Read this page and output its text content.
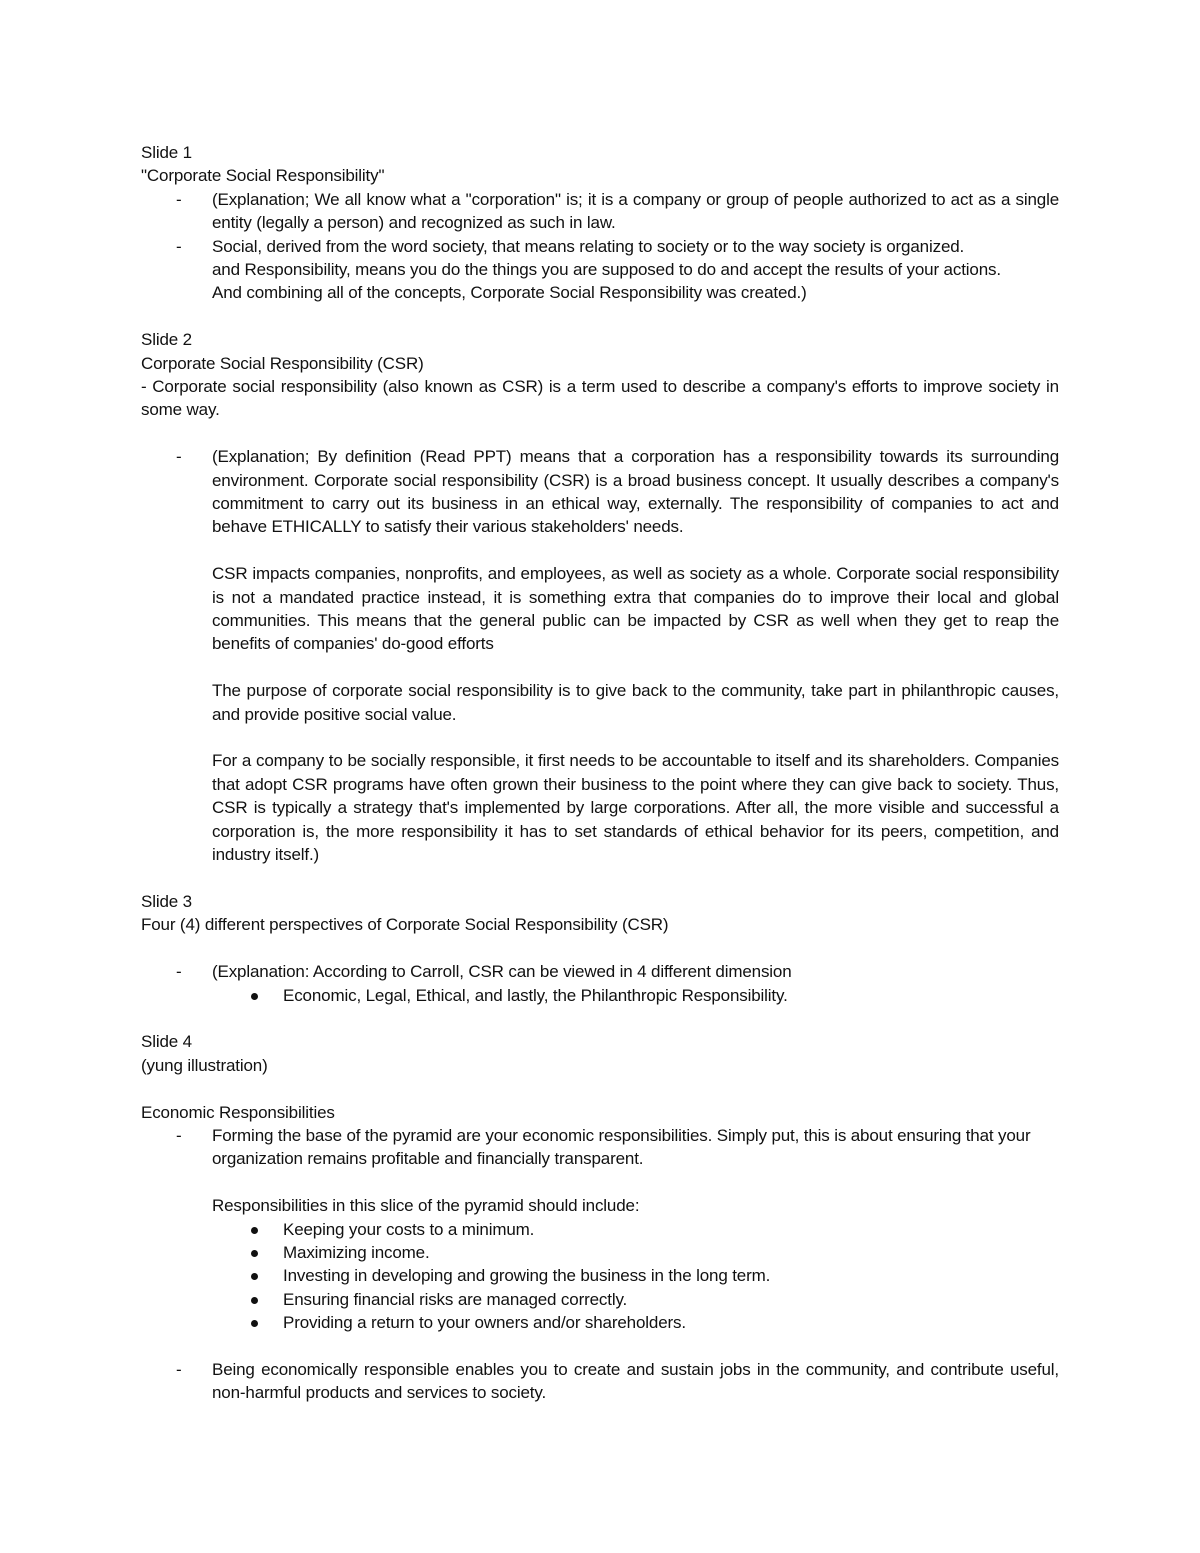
Slide 1
"Corporate Social Responsibility"
- (Explanation; We all know what a "corporation" is; it is a company or group of people authorized to act as a single entity (legally a person) and recognized as such in law.
- Social, derived from the word society, that means relating to society or to the way society is organized.
and Responsibility, means you do the things you are supposed to do and accept the results of your actions.
And combining all of the concepts, Corporate Social Responsibility was created.)
Slide 2
Corporate Social Responsibility (CSR)
- Corporate social responsibility (also known as CSR) is a term used to describe a company's efforts to improve society in some way.
- (Explanation; By definition (Read PPT) means that a corporation has a responsibility towards its surrounding environment. Corporate social responsibility (CSR) is a broad business concept. It usually describes a company's commitment to carry out its business in an ethical way, externally. The responsibility of companies to act and behave ETHICALLY to satisfy their various stakeholders' needs.
CSR impacts companies, nonprofits, and employees, as well as society as a whole. Corporate social responsibility is not a mandated practice instead, it is something extra that companies do to improve their local and global communities. This means that the general public can be impacted by CSR as well when they get to reap the benefits of companies' do-good efforts
The purpose of corporate social responsibility is to give back to the community, take part in philanthropic causes, and provide positive social value.
For a company to be socially responsible, it first needs to be accountable to itself and its shareholders. Companies that adopt CSR programs have often grown their business to the point where they can give back to society. Thus, CSR is typically a strategy that's implemented by large corporations. After all, the more visible and successful a corporation is, the more responsibility it has to set standards of ethical behavior for its peers, competition, and industry itself.)
Slide 3
Four (4) different perspectives of Corporate Social Responsibility (CSR)
- (Explanation: According to Carroll, CSR can be viewed in 4 different dimension
Economic, Legal, Ethical, and lastly, the Philanthropic Responsibility.
Slide 4
(yung illustration)
Economic Responsibilities
- Forming the base of the pyramid are your economic responsibilities. Simply put, this is about ensuring that your organization remains profitable and financially transparent.
Responsibilities in this slice of the pyramid should include:
Keeping your costs to a minimum.
Maximizing income.
Investing in developing and growing the business in the long term.
Ensuring financial risks are managed correctly.
Providing a return to your owners and/or shareholders.
- Being economically responsible enables you to create and sustain jobs in the community, and contribute useful, non-harmful products and services to society.
